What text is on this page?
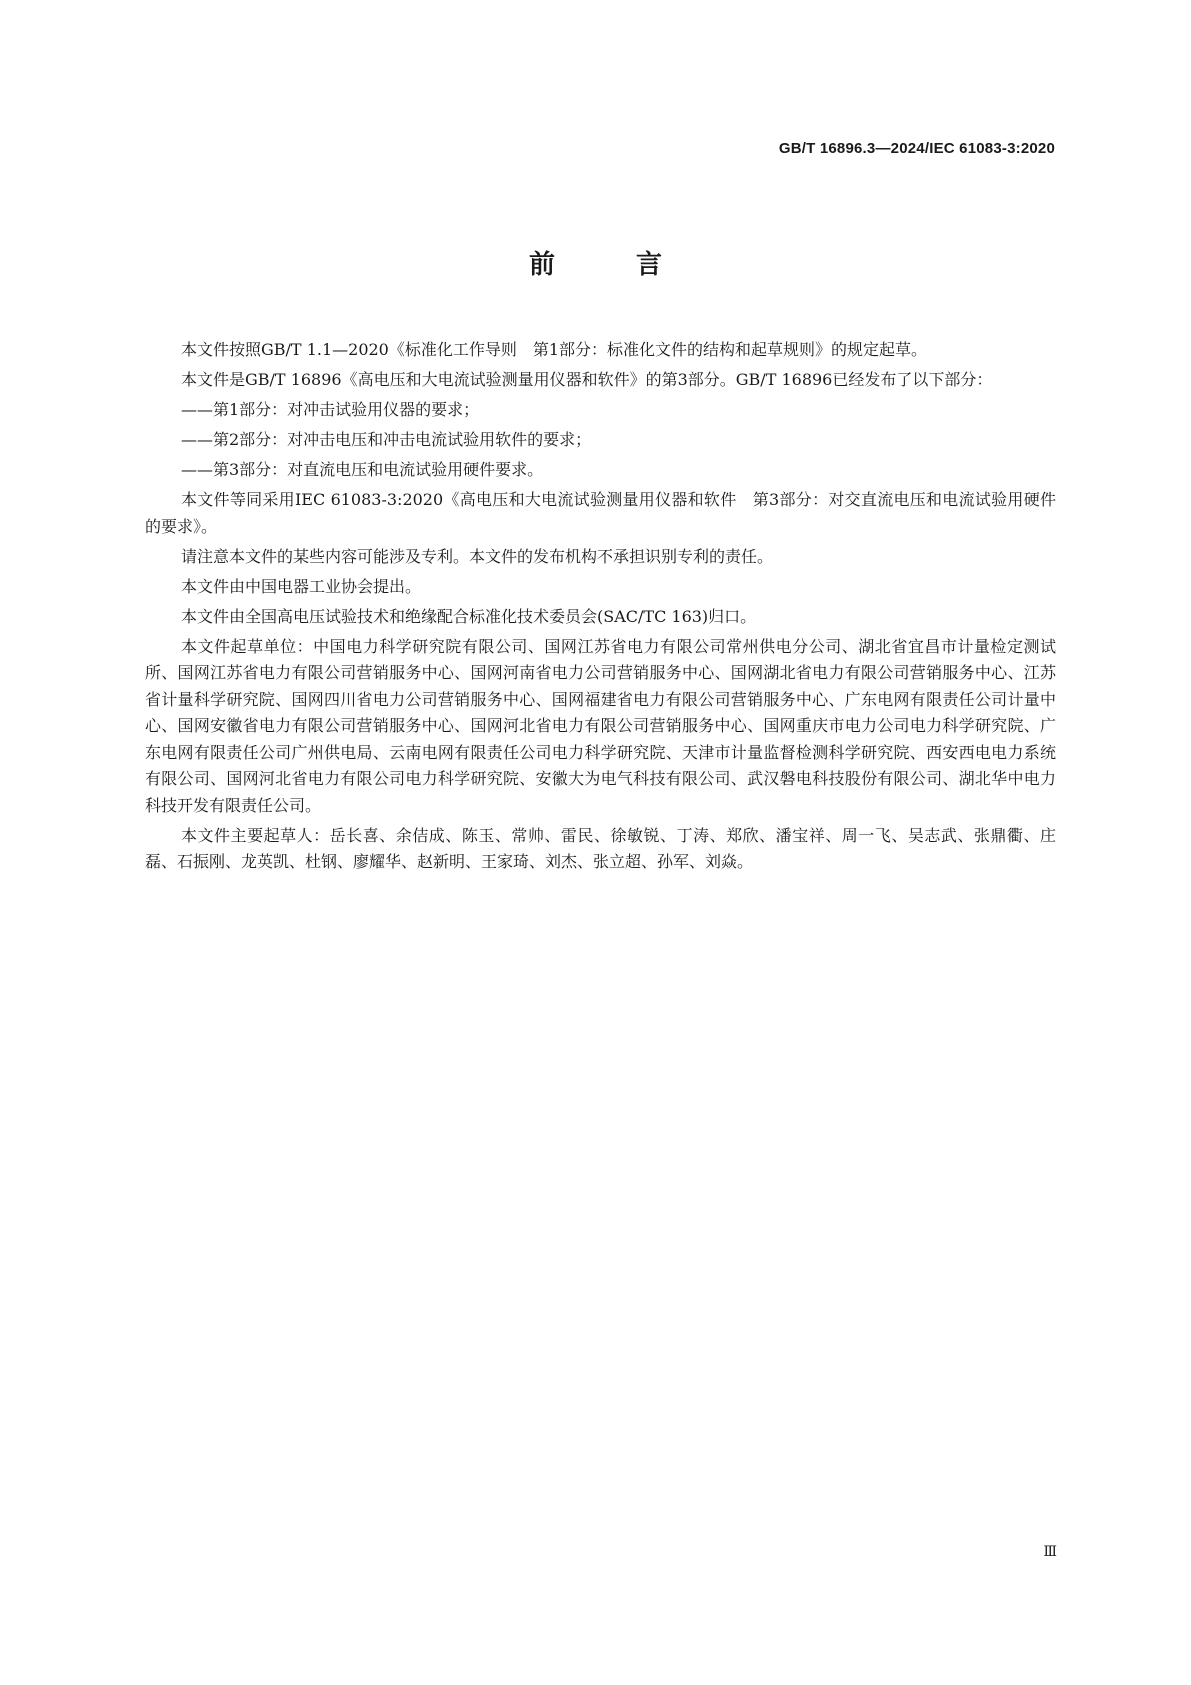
GB/T 16896.3—2024/IEC 61083-3:2020
前 言

本文件按照GB/T 1.1—2020《标准化工作导则　第1部分：标准化文件的结构和起草规则》的规定起草。

本文件是GB/T 16896《高电压和大电流试验测量用仪器和软件》的第3部分。GB/T 16896已经发布了以下部分：

——第1部分：对冲击试验用仪器的要求；

——第2部分：对冲击电压和冲击电流试验用软件的要求；

——第3部分：对直流电压和电流试验用硬件要求。

本文件等同采用IEC 61083-3:2020《高电压和大电流试验测量用仪器和软件　第3部分：对交直流电压和电流试验用硬件的要求》。

请注意本文件的某些内容可能涉及专利。本文件的发布机构不承担识别专利的责任。

本文件由中国电器工业协会提出。

本文件由全国高电压试验技术和绝缘配合标准化技术委员会(SAC/TC 163)归口。

本文件起草单位：中国电力科学研究院有限公司、国网江苏省电力有限公司常州供电分公司、湖北省宜昌市计量检定测试所、国网江苏省电力有限公司营销服务中心、国网河南省电力公司营销服务中心、国网湖北省电力有限公司营销服务中心、江苏省计量科学研究院、国网四川省电力公司营销服务中心、国网福建省电力有限公司营销服务中心、广东电网有限责任公司计量中心、国网安徽省电力有限公司营销服务中心、国网河北省电力有限公司营销服务中心、国网重庆市电力公司电力科学研究院、广东电网有限责任公司广州供电局、云南电网有限责任公司电力科学研究院、天津市计量监督检测科学研究院、西安西电电力系统有限公司、国网河北省电力有限公司电力科学研究院、安徽大为电气科技有限公司、武汉磐电科技股份有限公司、湖北华中电力科技开发有限责任公司。

本文件主要起草人：岳长喜、余佶成、陈玉、常帅、雷民、徐敏锐、丁涛、郑欣、潘宝祥、周一飞、吴志武、张鼎衢、庄磊、石振刚、龙英凯、杜钢、廖耀华、赵新明、王家琦、刘杰、张立超、孙军、刘焱。

Ⅲ
